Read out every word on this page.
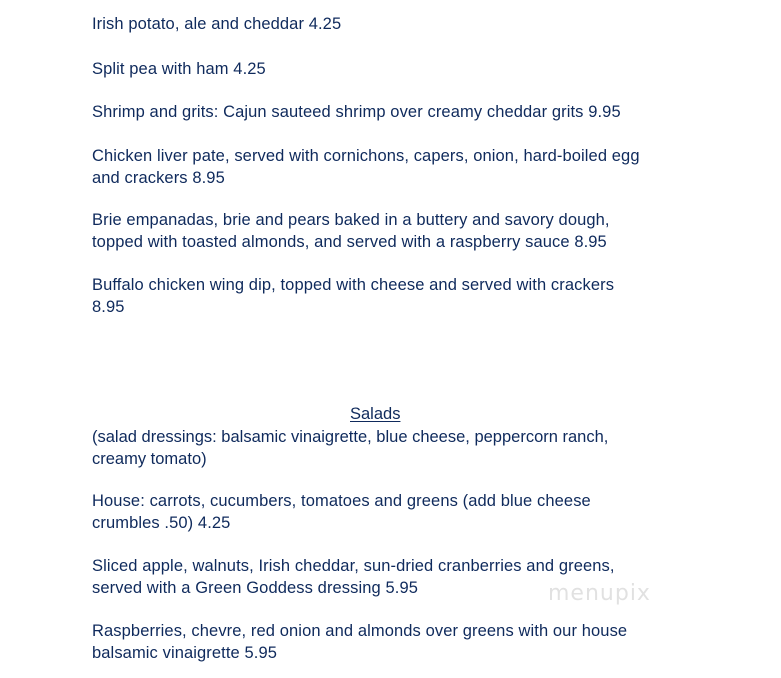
Irish potato, ale and cheddar 4.25
Split pea with ham 4.25
Shrimp and grits: Cajun sauteed shrimp over creamy cheddar grits 9.95
Chicken liver pate, served with cornichons, capers, onion, hard-boiled egg
and crackers 8.95
Brie empanadas, brie and pears baked in a buttery and savory dough,
topped with toasted almonds, and served with a raspberry sauce 8.95
Buffalo chicken wing dip, topped with cheese and served with crackers
8.95
Salads
(salad dressings: balsamic vinaigrette, blue cheese, peppercorn ranch,
creamy tomato)
House: carrots, cucumbers, tomatoes and greens (add blue cheese
crumbles .50) 4.25
Sliced apple, walnuts, Irish cheddar, sun-dried cranberries and greens,
served with a Green Goddess dressing 5.95
Raspberries, chevre, red onion and almonds over greens with our house
balsamic vinaigrette 5.95
menupix
